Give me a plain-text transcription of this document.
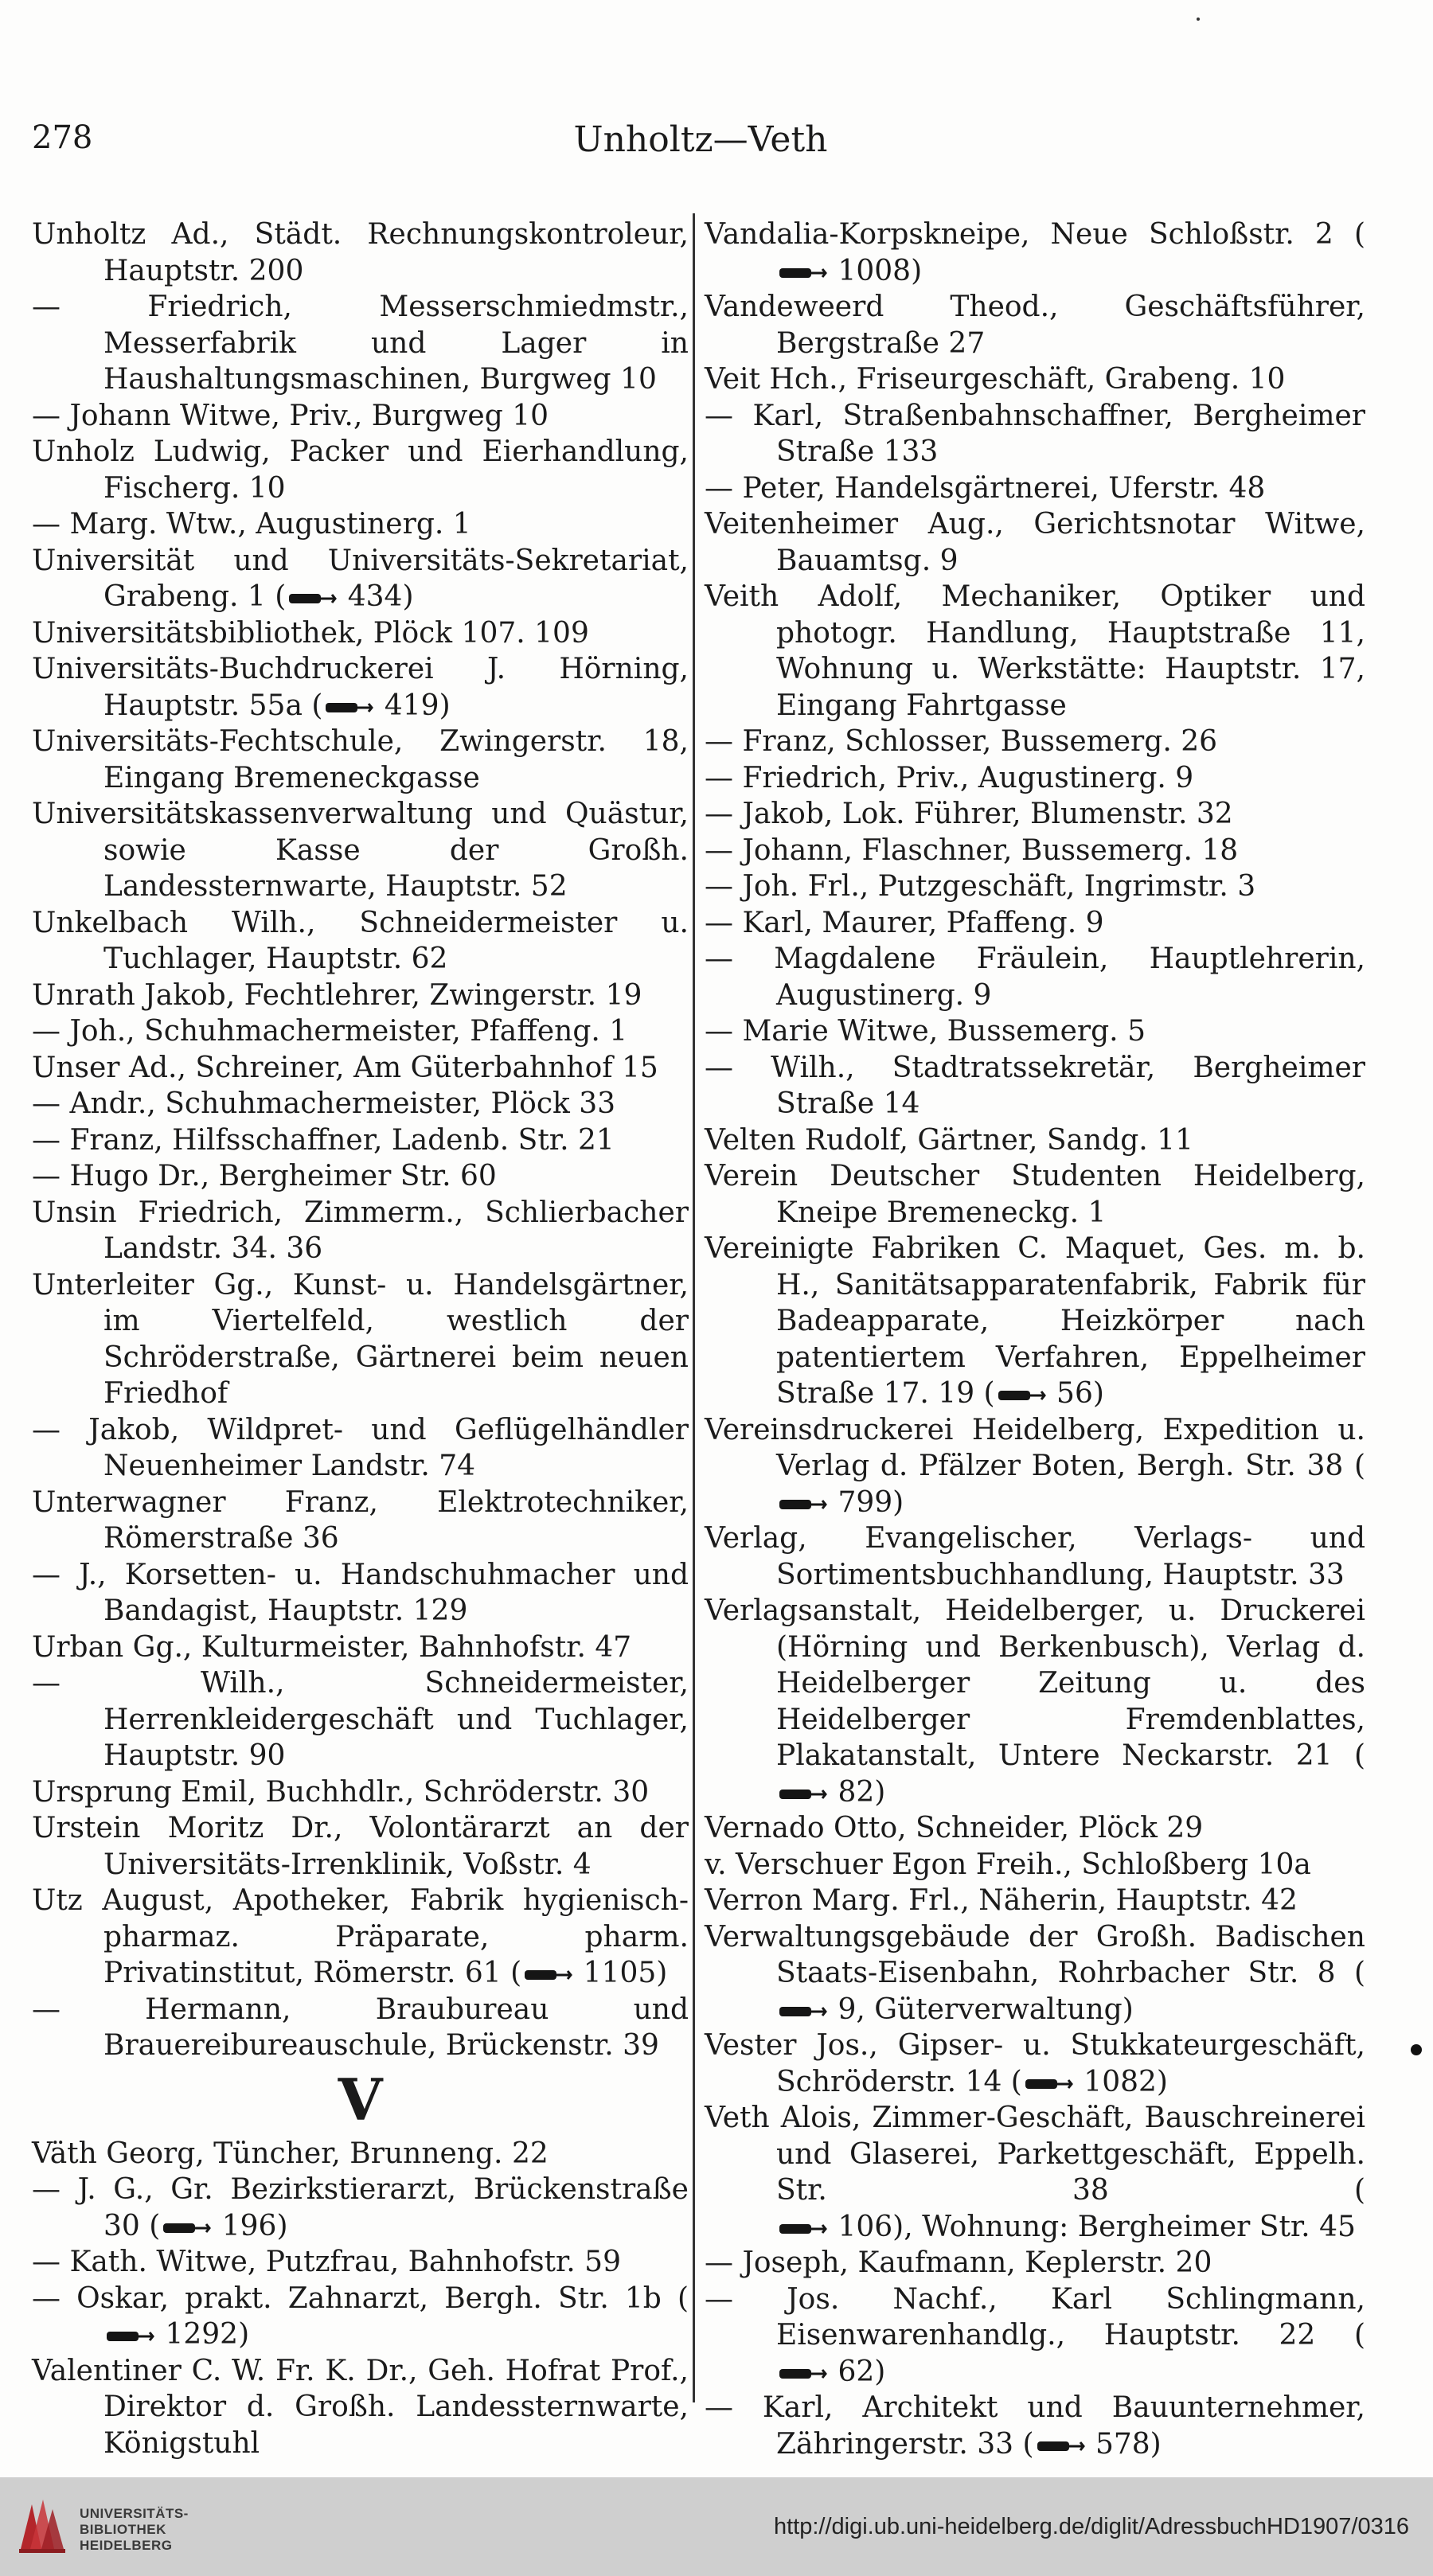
278	Unholtz—Veth

Unholtz Ad., Städt. Rechnungskontroleur, Hauptstr. 200

— Friedrich, Messerschmiedmstr., Messerfabrik und Lager in Haushaltungsmaschinen, Burgweg 10

— Johann Witwe, Priv., Burgweg 10

Unholz Ludwig, Packer und Eierhandlung, Fischerg. 10

— Marg. Wtw., Augustinerg. 1

Universität und Universitäts-Sekretariat, Grabeng. 1 ( 434)

Universitätsbibliothek, Plöck 107. 109

Universitäts-Buchdruckerei J. Hörning, Hauptstr. 55a ( 419)

Universitäts-Fechtschule, Zwingerstr. 18, Eingang Bremeneckgasse

Universitätskassenverwaltung und Quästur, sowie Kasse der Großh. Landessternwarte, Hauptstr. 52

Unkelbach Wilh., Schneidermeister u. Tuchlager, Hauptstr. 62

Unrath Jakob, Fechtlehrer, Zwingerstr. 19

— Joh., Schuhmachermeister, Pfaffeng. 1

Unser Ad., Schreiner, Am Güterbahnhof 15

— Andr., Schuhmachermeister, Plöck 33

— Franz, Hilfsschaffner, Ladenb. Str. 21

— Hugo Dr., Bergheimer Str. 60

Unsin Friedrich, Zimmerm., Schlierbacher Landstr. 34. 36

Unterleiter Gg., Kunst- u. Handelsgärtner, im Viertelfeld, westlich der Schröderstraße, Gärtnerei beim neuen Friedhof

— Jakob, Wildpret- und Geflügelhändler Neuenheimer Landstr. 74

Unterwagner Franz, Elektrotechniker, Römerstraße 36

— J., Korsetten- u. Handschuhmacher und Bandagist, Hauptstr. 129

Urban Gg., Kulturmeister, Bahnhofstr. 47

— Wilh., Schneidermeister, Herrenkleidergeschäft und Tuchlager, Hauptstr. 90

Ursprung Emil, Buchhdlr., Schröderstr. 30

Urstein Moritz Dr., Volontärarzt an der Universitäts-Irrenklinik, Voßstr. 4

Utz August, Apotheker, Fabrik hygienisch-pharmaz. Präparate, pharm. Privatinstitut, Römerstr. 61 ( 1105)

— Hermann, Braubureau und Brauereibureauschule, Brückenstr. 39

V

Väth Georg, Tüncher, Brunneng. 22

— J. G., Gr. Bezirkstierarzt, Brückenstraße 30 ( 196)

— Kath. Witwe, Putzfrau, Bahnhofstr. 59

— Oskar, prakt. Zahnarzt, Bergh. Str. 1b ( 1292)

Valentiner C. W. Fr. K. Dr., Geh. Hofrat Prof., Direktor d. Großh. Landessternwarte, Königstuhl

Vandalia-Korpskneipe, Neue Schloßstr. 2 ( 1008)

Vandeweerd Theod., Geschäftsführer, Bergstraße 27

Veit Hch., Friseurgeschäft, Grabeng. 10

— Karl, Straßenbahnschaffner, Bergheimer Straße 133

— Peter, Handelsgärtnerei, Uferstr. 48

Veitenheimer Aug., Gerichtsnotar Witwe, Bauamtsg. 9

Veith Adolf, Mechaniker, Optiker und photogr. Handlung, Hauptstraße 11, Wohnung u. Werkstätte: Hauptstr. 17, Eingang Fahrtgasse

— Franz, Schlosser, Bussemerg. 26

— Friedrich, Priv., Augustinerg. 9

— Jakob, Lok. Führer, Blumenstr. 32

— Johann, Flaschner, Bussemerg. 18

— Joh. Frl., Putzgeschäft, Ingrimstr. 3

— Karl, Maurer, Pfaffeng. 9

— Magdalene Fräulein, Hauptlehrerin, Augustinerg. 9

— Marie Witwe, Bussemerg. 5

— Wilh., Stadtratssekretär, Bergheimer Straße 14

Velten Rudolf, Gärtner, Sandg. 11

Verein Deutscher Studenten Heidelberg, Kneipe Bremeneckg. 1

Vereinigte Fabriken C. Maquet, Ges. m. b. H., Sanitätsapparatenfabrik, Fabrik für Badeapparate, Heizkörper nach patentiertem Verfahren, Eppelheimer Straße 17. 19 ( 56)

Vereinsdruckerei Heidelberg, Expedition u. Verlag d. Pfälzer Boten, Bergh. Str. 38 ( 799)

Verlag, Evangelischer, Verlags- und Sortimentsbuchhandlung, Hauptstr. 33

Verlagsanstalt, Heidelberger, u. Druckerei (Hörning und Berkenbusch), Verlag d. Heidelberger Zeitung u. des Heidelberger Fremdenblattes, Plakatanstalt, Untere Neckarstr. 21 ( 82)

Vernado Otto, Schneider, Plöck 29

v. Verschuer Egon Freih., Schloßberg 10a

Verron Marg. Frl., Näherin, Hauptstr. 42

Verwaltungsgebäude der Großh. Badischen Staats-Eisenbahn, Rohrbacher Str. 8 ( 9, Güterverwaltung)

Vester Jos., Gipser- u. Stukkateurgeschäft, Schröderstr. 14 ( 1082)

Veth Alois, Zimmer-Geschäft, Bauschreinerei und Glaserei, Parkettgeschäft, Eppelh. Str. 38 ( 106), Wohnung: Bergheimer Str. 45

— Joseph, Kaufmann, Keplerstr. 20

— Jos. Nachf., Karl Schlingmann, Eisenwarenhandlg., Hauptstr. 22 ( 62)

— Karl, Architekt und Bauunternehmer, Zähringerstr. 33 ( 578)

UNIVERSITÄTS-
BIBLIOTHEK
HEIDELBERG
http://digi.ub.uni-heidelberg.de/diglit/AdressbuchHD1907/0316
